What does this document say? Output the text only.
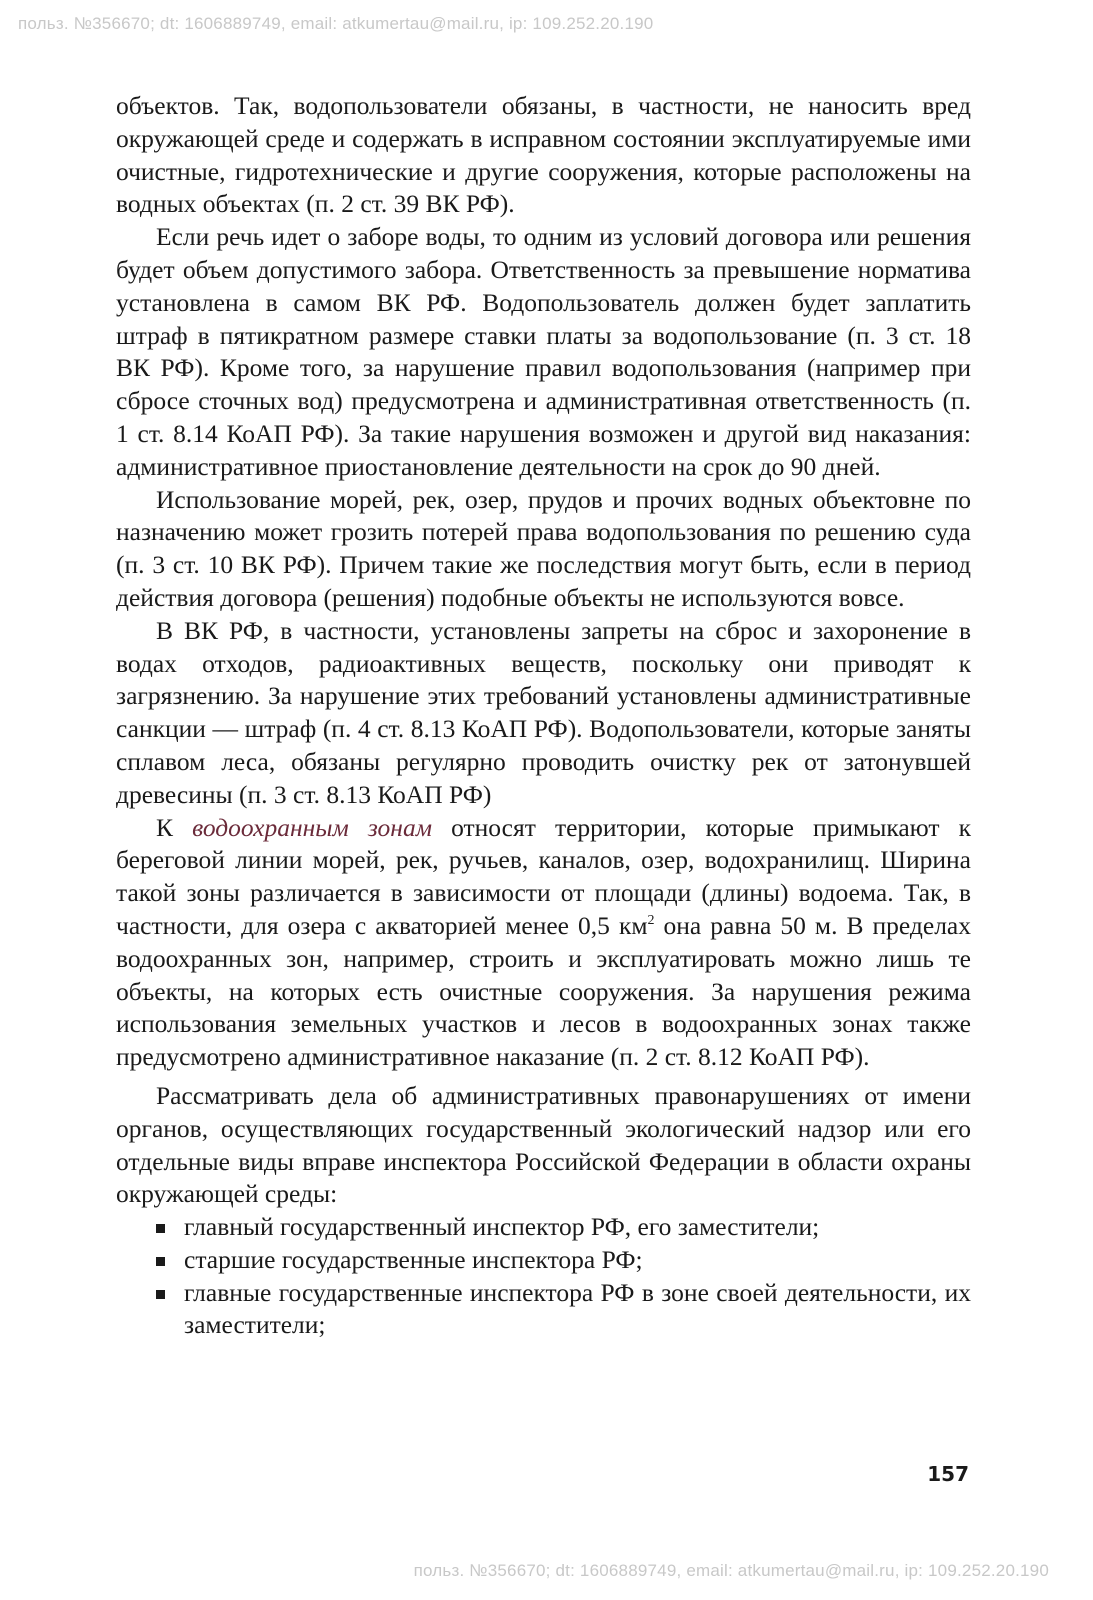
польз. №356670; dt: 1606889749, email: atkumertau@mail.ru, ip: 109.252.20.190

объектов. Так, водопользователи обязаны, в частности, не наносить вред окружающей среде и содержать в исправном состоянии эксплуатируемые ими очистные, гидротехнические и другие сооружения, которые расположены на водных объектах (п. 2 ст. 39 ВК РФ).

Если речь идет о заборе воды, то одним из условий договора или решения будет объем допустимого забора. Ответственность за превышение норматива установлена в самом ВК РФ. Водопользователь должен будет заплатить штраф в пятикратном размере ставки платы за водопользование (п. 3 ст. 18 ВК РФ). Кроме того, за нарушение правил водопользования (например при сбросе сточных вод) предусмотрена и административная ответственность (п. 1 ст. 8.14 КоАП РФ). За такие нарушения возможен и другой вид наказания: административное приостановление деятельности на срок до 90 дней.

Использование морей, рек, озер, прудов и прочих водных объектовне по назначению может грозить потерей права водопользования по решению суда (п. 3 ст. 10 ВК РФ). Причем такие же последствия могут быть, если в период действия договора (решения) подобные объекты не используются вовсе.

В ВК РФ, в частности, установлены запреты на сброс и захоронение в водах отходов, радиоактивных веществ, поскольку они приводят к загрязнению. За нарушение этих требований установлены административные санкции — штраф (п. 4 ст. 8.13 КоАП РФ). Водопользователи, которые заняты сплавом леса, обязаны регулярно проводить очистку рек от затонувшей древесины (п. 3 ст. 8.13 КоАП РФ)

К водоохранным зонам относят территории, которые примыкают к береговой линии морей, рек, ручьев, каналов, озер, водохранилищ. Ширина такой зоны различается в зависимости от площади (длины) водоема. Так, в частности, для озера с акваторией менее 0,5 $км^2$ она равна 50 м. В пределах водоохранных зон, например, строить и эксплуатировать можно лишь те объекты, на которых есть очистные сооружения. За нарушения режима использования земельных участков и лесов в водоохранных зонах также предусмотрено административное наказание (п. 2 ст. 8.12 КоАП РФ).

Рассматривать дела об административных правонарушениях от имени органов, осуществляющих государственный экологический надзор или его отдельные виды вправе инспектора Российской Федерации в области охраны окружающей среды:

главный государственный инспектор РФ, его заместители;
старшие государственные инспектора РФ;
главные государственные инспектора РФ в зоне своей деятельности, их заместители;
157
польз. №356670; dt: 1606889749, email: atkumertau@mail.ru, ip: 109.252.20.190
